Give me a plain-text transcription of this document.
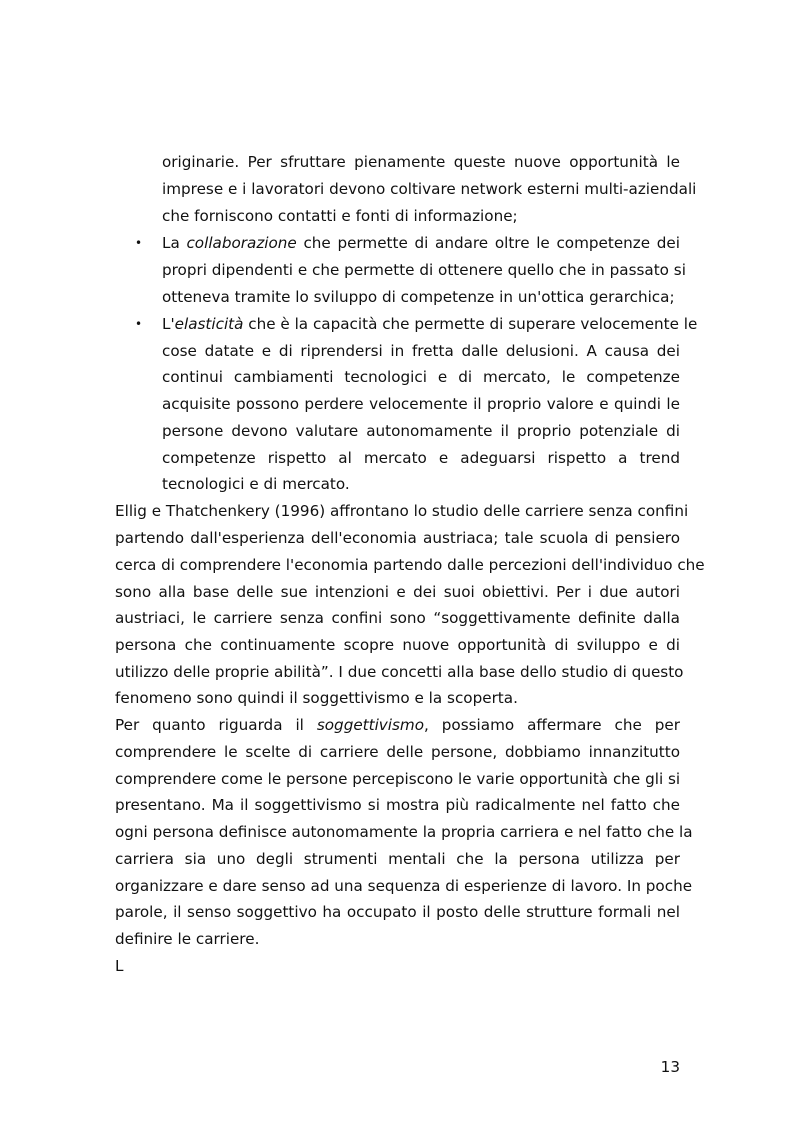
originarie. Per sfruttare pienamente queste nuove opportunità le

imprese e i lavoratori devono coltivare network esterni multi-aziendali

che forniscono contatti e fonti di informazione;

• La collaborazione che permette di andare oltre le competenze dei

propri dipendenti e che permette di ottenere quello che in passato si

otteneva tramite lo sviluppo di competenze in un'ottica gerarchica;

• L'elasticità che è la capacità che permette di superare velocemente le

cose datate e di riprendersi in fretta dalle delusioni. A causa dei

continui cambiamenti tecnologici e di mercato, le competenze

acquisite possono perdere velocemente il proprio valore e quindi le

persone devono valutare autonomamente il proprio potenziale di

competenze rispetto al mercato e adeguarsi rispetto a trend

tecnologici e di mercato.

Ellig e Thatchenkery (1996) affrontano lo studio delle carriere senza confini

partendo dall'esperienza dell'economia austriaca; tale scuola di pensiero

cerca di comprendere l'economia partendo dalle percezioni dell'individuo che

sono alla base delle sue intenzioni e dei suoi obiettivi. Per i due autori

austriaci, le carriere senza confini sono “soggettivamente definite dalla

persona che continuamente scopre nuove opportunità di sviluppo e di

utilizzo delle proprie abilità”. I due concetti alla base dello studio di questo

fenomeno sono quindi il soggettivismo e la scoperta.

Per quanto riguarda il soggettivismo, possiamo affermare che per

comprendere le scelte di carriere delle persone, dobbiamo innanzitutto

comprendere come le persone percepiscono le varie opportunità che gli si

presentano. Ma il soggettivismo si mostra più radicalmente nel fatto che

ogni persona definisce autonomamente la propria carriera e nel fatto che la

carriera sia uno degli strumenti mentali che la persona utilizza per

organizzare e dare senso ad una sequenza di esperienze di lavoro. In poche

parole, il senso soggettivo ha occupato il posto delle strutture formali nel

definire le carriere.

L

13
